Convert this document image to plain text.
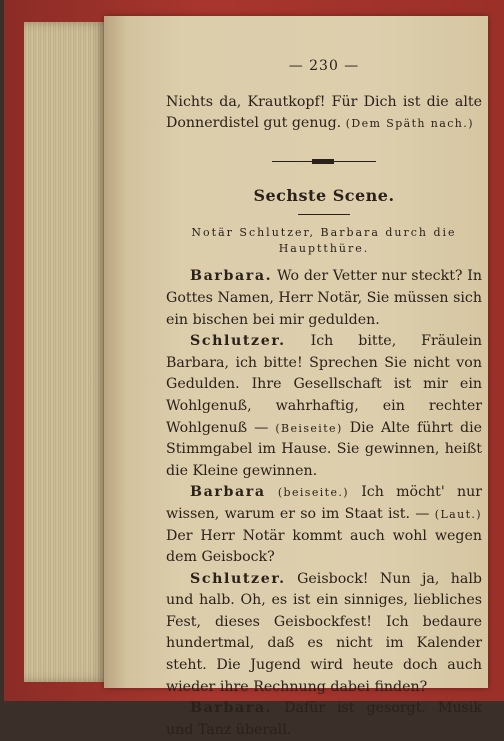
— 230 —
Nichts da, Krautkopf! Für Dich ist die alte Donnerdistel gut genug. (Dem Späth nach.)
Sechste Scene.
Notär Schlutzer, Barbara durch die Hauptthüre.
Barbara. Wo der Vetter nur steckt? In Gottes Namen, Herr Notär, Sie müssen sich ein bischen bei mir gedulden.
Schlutzer. Ich bitte, Fräulein Barbara, ich bitte! Sprechen Sie nicht von Gedulden. Ihre Gesellschaft ist mir ein Wohlgenuß, wahrhaftig, ein rechter Wohlgenuß — (Beiseite) Die Alte führt die Stimmgabel im Hause. Sie gewinnen, heißt die Kleine gewinnen.
Barbara (beiseite.) Ich möcht' nur wissen, warum er so im Staat ist. — (Laut.) Der Herr Notär kommt auch wohl wegen dem Geisbock?
Schlutzer. Geisbock! Nun ja, halb und halb. Oh, es ist ein sinniges, liebliches Fest, dieses Geisbockfest! Ich bedaure hundertmal, daß es nicht im Kalender steht. Die Jugend wird heute doch auch wieder ihre Rechnung dabei finden?
Barbara. Dafür ist gesorgt. Musik und Tanz überall.
